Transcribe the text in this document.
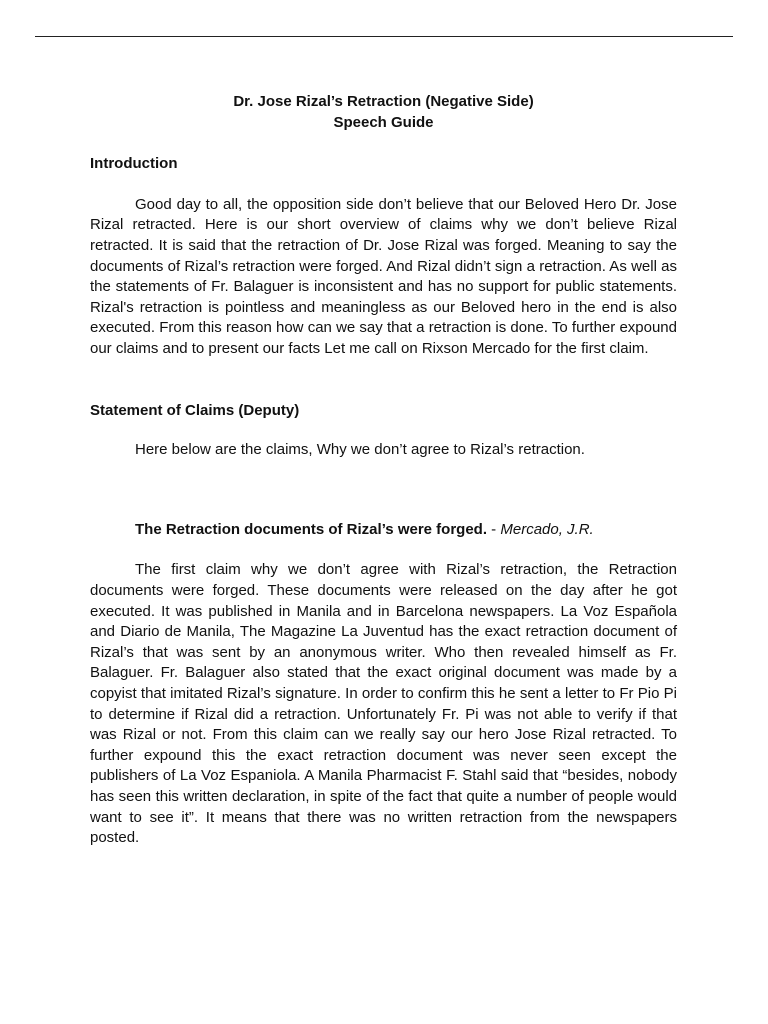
Dr. Jose Rizal’s Retraction (Negative Side)

Speech Guide

Introduction

Good day to all, the opposition side don’t believe that our Beloved Hero Dr. Jose Rizal retracted. Here is our short overview of claims why we don’t believe Rizal retracted. It is said that the retraction of Dr. Jose Rizal was forged. Meaning to say the documents of Rizal’s retraction were forged. And Rizal didn’t sign a retraction. As well as the statements of Fr. Balaguer is inconsistent and has no support for public statements. Rizal's retraction is pointless and meaningless as our Beloved hero in the end is also executed. From this reason how can we say that a retraction is done. To further expound our claims and to present our facts Let me call on Rixson Mercado for the first claim.

Statement of Claims (Deputy)

Here below are the claims, Why we don’t agree to Rizal’s retraction.

The Retraction documents of Rizal’s were forged. - Mercado, J.R.

The first claim why we don’t agree with Rizal’s retraction, the Retraction documents were forged. These documents were released on the day after he got executed. It was published in Manila and in Barcelona newspapers. La Voz Española and Diario de Manila, The Magazine La Juventud has the exact retraction document of Rizal’s that was sent by an anonymous writer. Who then revealed himself as Fr. Balaguer. Fr. Balaguer also stated that the exact original document was made by a copyist that imitated Rizal’s signature. In order to confirm this he sent a letter to Fr Pio Pi to determine if Rizal did a retraction. Unfortunately Fr. Pi was not able to verify if that was Rizal or not. From this claim can we really say our hero Jose Rizal retracted. To further expound this the exact retraction document was never seen except the publishers of La Voz Espaniola. A Manila Pharmacist F. Stahl said that “besides, nobody has seen this written declaration, in spite of the fact that quite a number of people would want to see it”. It means that there was no written retraction from the newspapers posted.
